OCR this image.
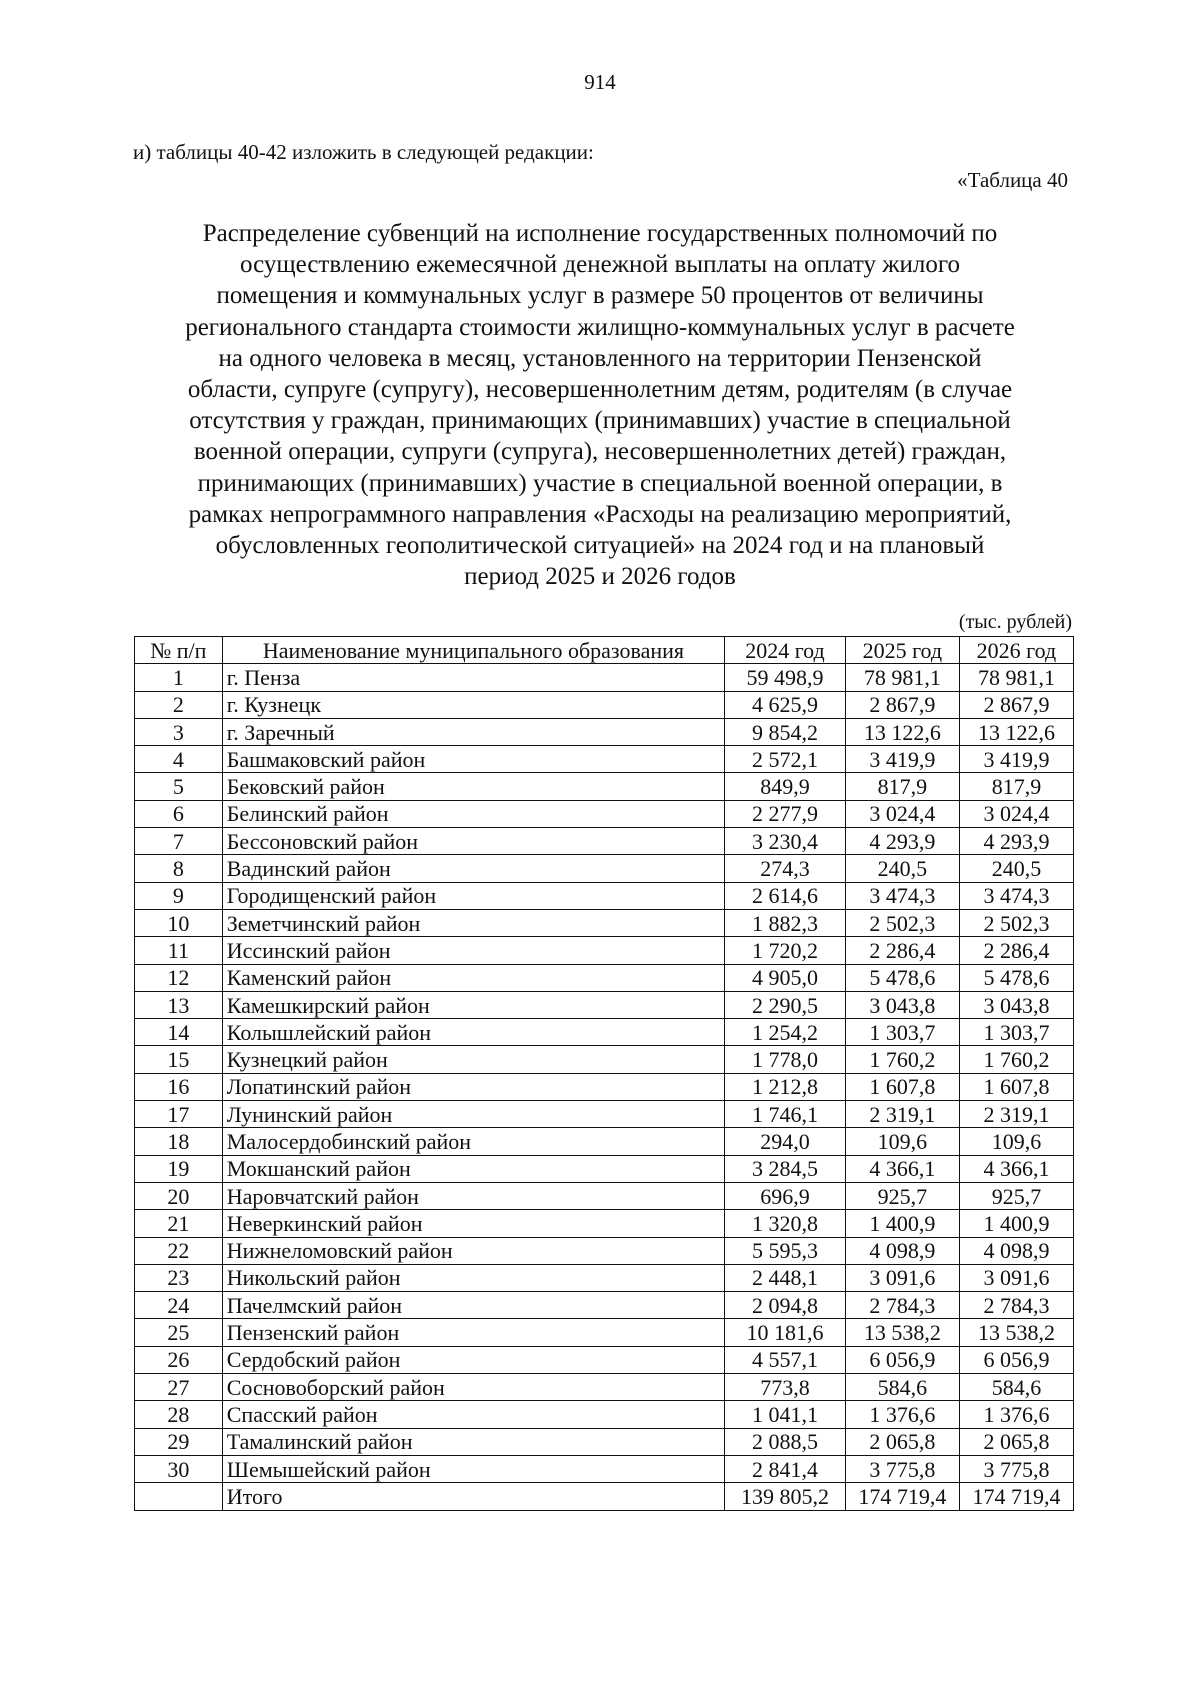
914
и) таблицы 40-42 изложить в следующей редакции:
«Таблица 40
Распределение субвенций на исполнение государственных полномочий по
осуществлению ежемесячной денежной выплаты на оплату жилого
помещения и коммунальных услуг в размере 50 процентов от величины
регионального стандарта стоимости жилищно-коммунальных услуг в расчете
на одного человека в месяц, установленного на территории Пензенской
области, супруге (супругу), несовершеннолетним детям, родителям (в случае
отсутствия у граждан, принимающих (принимавших) участие в специальной
военной операции, супруги (супруга), несовершеннолетних детей) граждан,
принимающих (принимавших) участие в специальной военной операции, в
рамках непрограммного направления «Расходы на реализацию мероприятий,
обусловленных геополитической ситуацией» на 2024 год и на плановый
период 2025 и 2026 годов
(тыс. рублей)
№ п/п	Наименование муниципального образования	2024 год	2025 год	2026 год
1	г. Пенза	59 498,9	78 981,1	78 981,1
2	г. Кузнецк	4 625,9	2 867,9	2 867,9
3	г. Заречный	9 854,2	13 122,6	13 122,6
4	Башмаковский район	2 572,1	3 419,9	3 419,9
5	Бековский район	849,9	817,9	817,9
6	Белинский район	2 277,9	3 024,4	3 024,4
7	Бессоновский район	3 230,4	4 293,9	4 293,9
8	Вадинский район	274,3	240,5	240,5
9	Городищенский район	2 614,6	3 474,3	3 474,3
10	Земетчинский район	1 882,3	2 502,3	2 502,3
11	Иссинский район	1 720,2	2 286,4	2 286,4
12	Каменский район	4 905,0	5 478,6	5 478,6
13	Камешкирский район	2 290,5	3 043,8	3 043,8
14	Колышлейский район	1 254,2	1 303,7	1 303,7
15	Кузнецкий район	1 778,0	1 760,2	1 760,2
16	Лопатинский район	1 212,8	1 607,8	1 607,8
17	Лунинский район	1 746,1	2 319,1	2 319,1
18	Малосердобинский район	294,0	109,6	109,6
19	Мокшанский район	3 284,5	4 366,1	4 366,1
20	Наровчатский район	696,9	925,7	925,7
21	Неверкинский район	1 320,8	1 400,9	1 400,9
22	Нижнеломовский район	5 595,3	4 098,9	4 098,9
23	Никольский район	2 448,1	3 091,6	3 091,6
24	Пачелмский район	2 094,8	2 784,3	2 784,3
25	Пензенский район	10 181,6	13 538,2	13 538,2
26	Сердобский район	4 557,1	6 056,9	6 056,9
27	Сосновоборский район	773,8	584,6	584,6
28	Спасский район	1 041,1	1 376,6	1 376,6
29	Тамалинский район	2 088,5	2 065,8	2 065,8
30	Шемышейский район	2 841,4	3 775,8	3 775,8
	Итого	139 805,2	174 719,4	174 719,4
